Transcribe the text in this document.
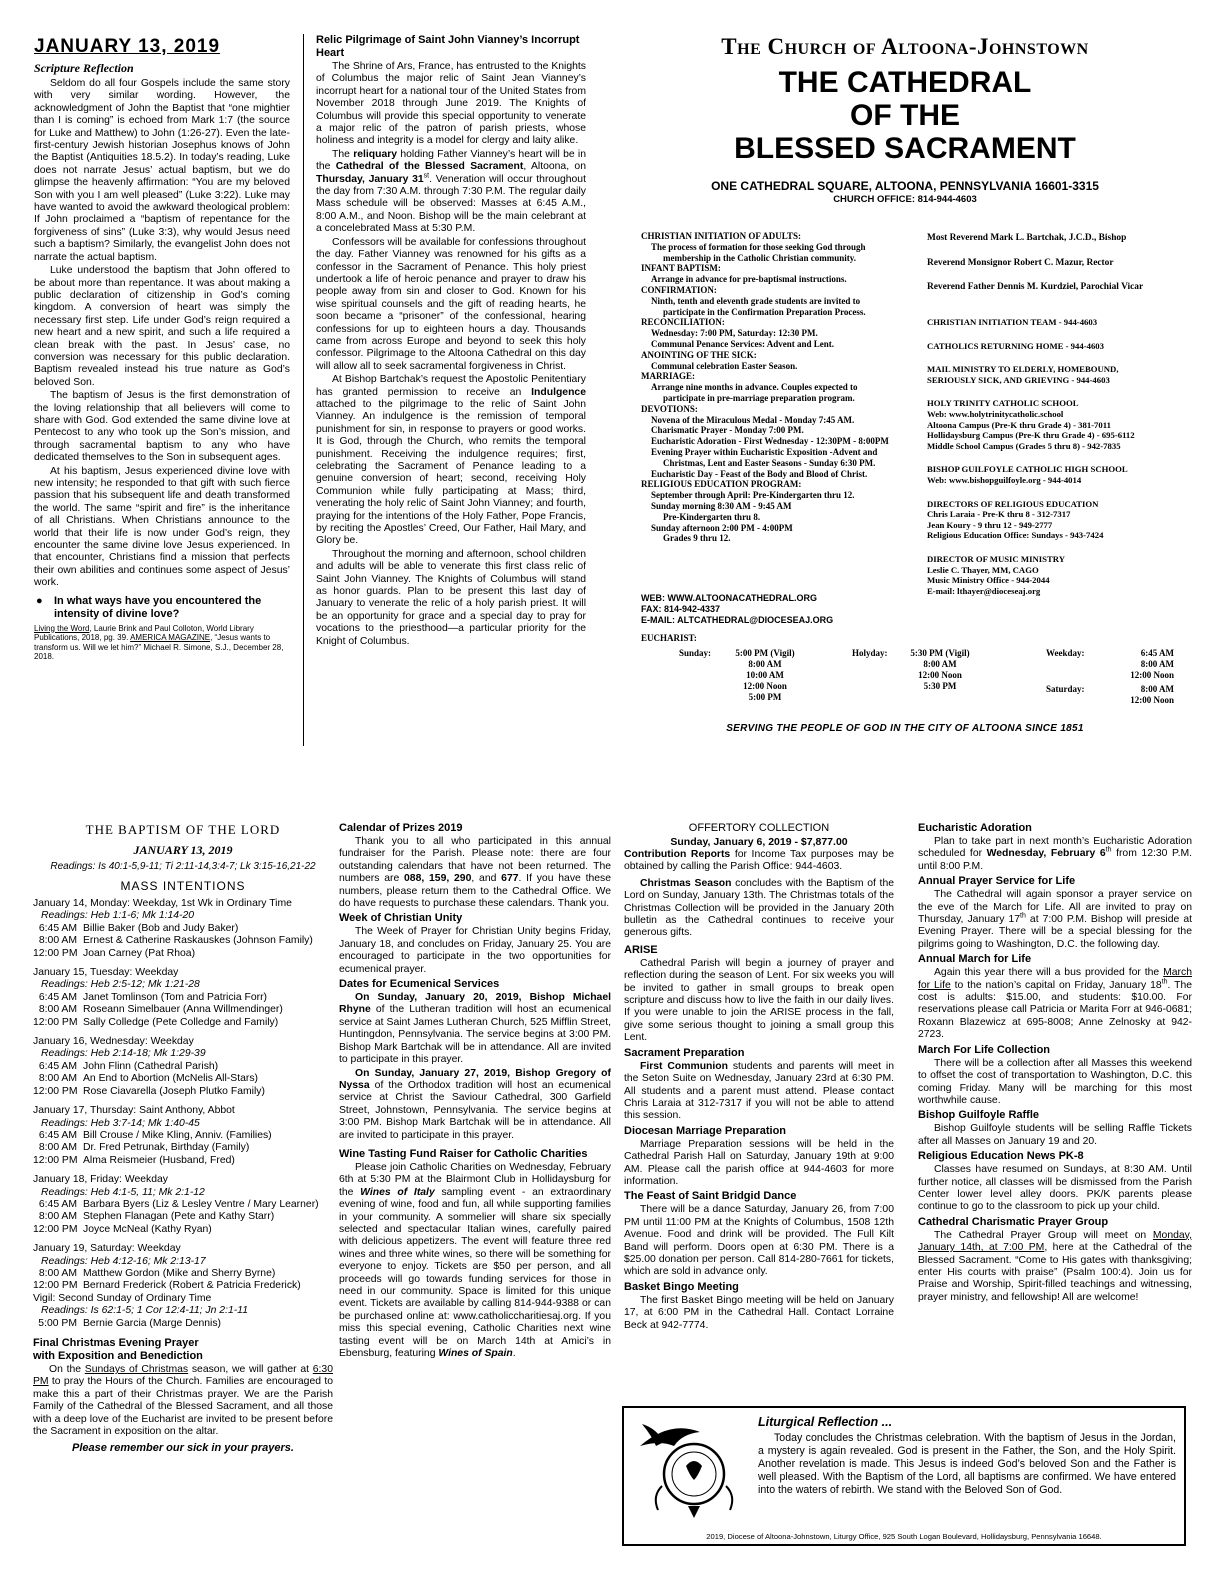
JANUARY 13, 2019
Scripture Reflection

Seldom do all four Gospels include the same story with very similar wording. However, the acknowledgment of John the Baptist that “one mightier than I is coming” is echoed from Mark 1:7 (the source for Luke and Matthew) to John (1:26-27). Even the late-first-century Jewish historian Josephus knows of John the Baptist (Antiquities 18.5.2). In today’s reading, Luke does not narrate Jesus’ actual baptism, but we do glimpse the heavenly affirmation: “You are my beloved Son with you I am well pleased” (Luke 3:22). Luke may have wanted to avoid the awkward theological problem: If John proclaimed a “baptism of repentance for the forgiveness of sins” (Luke 3:3), why would Jesus need such a baptism? Similarly, the evangelist John does not narrate the actual baptism.

Luke understood the baptism that John offered to be about more than repentance. It was about making a public declaration of citizenship in God’s coming kingdom. A conversion of heart was simply the necessary first step. Life under God’s reign required a new heart and a new spirit, and such a life required a clean break with the past. In Jesus’ case, no conversion was necessary for this public declaration. Baptism revealed instead his true nature as God’s beloved Son.

The baptism of Jesus is the first demonstration of the loving relationship that all believers will come to share with God. God extended the same divine love at Pentecost to any who took up the Son’s mission, and through sacramental baptism to any who have dedicated themselves to the Son in subsequent ages.

At his baptism, Jesus experienced divine love with new intensity; he responded to that gift with such fierce passion that his subsequent life and death transformed the world. The same “spirit and fire” is the inheritance of all Christians. When Christians announce to the world that their life is now under God’s reign, they encounter the same divine love Jesus experienced. In that encounter, Christians find a mission that perfects their own abilities and continues some aspect of Jesus’ work.

●	In what ways have you encountered the intensity of divine love?
Living the Word, Laurie Brink and Paul Colloton, World Library Publications, 2018, pg. 39. AMERICA MAGAZINE, “Jesus wants to transform us. Will we let him?” Michael R. Simone, S.J., December 28, 2018.
Relic Pilgrimage of Saint John Vianney’s Incorrupt Heart

The Shrine of Ars, France, has entrusted to the Knights of Columbus the major relic of Saint Jean Vianney’s incorrupt heart for a national tour of the United States from November 2018 through June 2019. The Knights of Columbus will provide this special opportunity to venerate a major relic of the patron of parish priests, whose holiness and integrity is a model for clergy and laity alike.

The reliquary holding Father Vianney’s heart will be in the Cathedral of the Blessed Sacrament, Altoona, on Thursday, January 31st. Veneration will occur throughout the day from 7:30 A.M. through 7:30 P.M. The regular daily Mass schedule will be observed: Masses at 6:45 A.M., 8:00 A.M., and Noon. Bishop will be the main celebrant at a concelebrated Mass at 5:30 P.M.

Confessors will be available for confessions throughout the day. Father Vianney was renowned for his gifts as a confessor in the Sacrament of Penance. This holy priest undertook a life of heroic penance and prayer to draw his people away from sin and closer to God. Known for his wise spiritual counsels and the gift of reading hearts, he soon became a “prisoner” of the confessional, hearing confessions for up to eighteen hours a day. Thousands came from across Europe and beyond to seek this holy confessor. Pilgrimage to the Altoona Cathedral on this day will allow all to seek sacramental forgiveness in Christ.

At Bishop Bartchak’s request the Apostolic Penitentiary has granted permission to receive an Indulgence attached to the pilgrimage to the relic of Saint John Vianney. An indulgence is the remission of temporal punishment for sin, in response to prayers or good works. It is God, through the Church, who remits the temporal punishment. Receiving the indulgence requires; first, celebrating the Sacrament of Penance leading to a genuine conversion of heart; second, receiving Holy Communion while fully participating at Mass; third, venerating the holy relic of Saint John Vianney; and fourth, praying for the intentions of the Holy Father, Pope Francis, by reciting the Apostles’ Creed, Our Father, Hail Mary, and Glory be.

Throughout the morning and afternoon, school children and adults will be able to venerate this first class relic of Saint John Vianney. The Knights of Columbus will stand as honor guards. Plan to be present this last day of January to venerate the relic of a holy parish priest. It will be an opportunity for grace and a special day to pray for vocations to the priesthood—a particular priority for the Knight of Columbus.

The Church of Altoona-Johnstown
THE CATHEDRAL
OF THE
BLESSED SACRAMENT
ONE CATHEDRAL SQUARE, ALTOONA, PENNSYLVANIA 16601-3315
CHURCH OFFICE: 814-944-4603
CHRISTIAN INITIATION OF ADULTS:
The process of formation for those seeking God through
membership in the Catholic Christian community.
INFANT BAPTISM:
Arrange in advance for pre-baptismal instructions.
CONFIRMATION:
Ninth, tenth and eleventh grade students are invited to
participate in the Confirmation Preparation Process.
RECONCILIATION:
Wednesday: 7:00 PM, Saturday: 12:30 PM.
Communal Penance Services: Advent and Lent.
ANOINTING OF THE SICK:
Communal celebration Easter Season.
MARRIAGE:
Arrange nine months in advance. Couples expected to
participate in pre-marriage preparation program.
DEVOTIONS:
Novena of the Miraculous Medal - Monday 7:45 AM.
Charismatic Prayer - Monday 7:00 PM.
Eucharistic Adoration - First Wednesday - 12:30PM - 8:00PM
Evening Prayer within Eucharistic Exposition -Advent and
Christmas, Lent and Easter Seasons - Sunday 6:30 PM.
Eucharistic Day - Feast of the Body and Blood of Christ.
RELIGIOUS EDUCATION PROGRAM:
September through April: Pre-Kindergarten thru 12.
Sunday morning 8:30 AM - 9:45 AM
Pre-Kindergarten thru 8.
Sunday afternoon 2:00 PM - 4:00PM
Grades 9 thru 12.
WEB: WWW.ALTOONACATHEDRAL.ORG
FAX: 814-942-4337
E-MAIL: ALTCATHEDRAL@DIOCESEAJ.ORG
Most Reverend Mark L. Bartchak, J.C.D., Bishop
Reverend Monsignor Robert C. Mazur, Rector
Reverend Father Dennis M. Kurdziel, Parochial Vicar
CHRISTIAN INITIATION TEAM - 944-4603
CATHOLICS RETURNING HOME - 944-4603
MAIL MINISTRY TO ELDERLY, HOMEBOUND,
SERIOUSLY SICK, AND GRIEVING - 944-4603
HOLY TRINITY CATHOLIC SCHOOL
Web: www.holytrinitycatholic.school
Altoona Campus (Pre-K thru Grade 4) - 381-7011
Hollidaysburg Campus (Pre-K thru Grade 4) - 695-6112
Middle School Campus (Grades 5 thru 8) - 942-7835
BISHOP GUILFOYLE CATHOLIC HIGH SCHOOL
Web: www.bishopguilfoyle.org - 944-4014
DIRECTORS OF RELIGIOUS EDUCATION
Chris Laraia - Pre-K thru 8 - 312-7317
Jean Koury - 9 thru 12 - 949-2777
Religious Education Office: Sundays - 943-7424
DIRECTOR OF MUSIC MINISTRY
Leslie C. Thayer, MM, CAGO
Music Ministry Office - 944-2044
E-mail: lthayer@dioceseaj.org
EUCHARIST:
Sunday:	5:00 PM (Vigil)
8:00 AM
10:00 AM
12:00 Noon
5:00 PM
Holyday:	5:30 PM (Vigil)
8:00 AM
12:00 Noon
5:30 PM
Weekday:	6:45 AM
8:00 AM
12:00 Noon
Saturday:	8:00 AM
12:00 Noon
SERVING THE PEOPLE OF GOD IN THE CITY OF ALTOONA SINCE 1851
THE BAPTISM OF THE LORD
JANUARY 13, 2019
Readings: Is 40:1-5,9-11; Ti 2:11-14,3:4-7; Lk 3:15-16,21-22
MASS INTENTIONS
January 14, Monday: Weekday, 1st Wk in Ordinary Time
Readings: Heb 1:1-6; Mk 1:14-20
6:45 AM Billie Baker (Bob and Judy Baker)
8:00 AM Ernest & Catherine Raskauskes (Johnson Family)
12:00 PM Joan Carney (Pat Rhoa)
January 15, Tuesday: Weekday
Readings: Heb 2:5-12; Mk 1:21-28
6:45 AM Janet Tomlinson (Tom and Patricia Forr)
8:00 AM Roseann Simelbauer (Anna Willmendinger)
12:00 PM Sally Colledge (Pete Colledge and Family)
January 16, Wednesday: Weekday
Readings: Heb 2:14-18; Mk 1:29-39
6:45 AM John Flinn (Cathedral Parish)
8:00 AM An End to Abortion (McNelis All-Stars)
12:00 PM Rose Ciavarella (Joseph Plutko Family)
January 17, Thursday: Saint Anthony, Abbot
Readings: Heb 3:7-14; Mk 1:40-45
6:45 AM Bill Crouse / Mike Kling, Anniv. (Families)
8:00 AM Dr. Fred Petrunak, Birthday (Family)
12:00 PM Alma Reismeier (Husband, Fred)
January 18, Friday: Weekday
Readings: Heb 4:1-5, 11; Mk 2:1-12
6:45 AM Barbara Byers (Liz & Lesley Ventre / Mary Learner)
8:00 AM Stephen Flanagan (Pete and Kathy Starr)
12:00 PM Joyce McNeal (Kathy Ryan)
January 19, Saturday: Weekday
Readings: Heb 4:12-16; Mk 2:13-17
8:00 AM Matthew Gordon (Mike and Sherry Byrne)
12:00 PM Bernard Frederick (Robert & Patricia Frederick)
Vigil: Second Sunday of Ordinary Time
Readings: Is 62:1-5; 1 Cor 12:4-11; Jn 2:1-11
5:00 PM Bernie Garcia (Marge Dennis)
Final Christmas Evening Prayer
with Exposition and Benediction

On the Sundays of Christmas season, we will gather at 6:30 PM to pray the Hours of the Church. Families are encouraged to make this a part of their Christmas prayer. We are the Parish Family of the Cathedral of the Blessed Sacrament, and all those with a deep love of the Eucharist are invited to be present before the Sacrament in exposition on the altar.

Please remember our sick in your prayers.
Calendar of Prizes 2019

Thank you to all who participated in this annual fundraiser for the Parish. Please note: there are four outstanding calendars that have not been returned. The numbers are 088, 159, 290, and 677. If you have these numbers, please return them to the Cathedral Office. We do have requests to purchase these calendars. Thank you.

Week of Christian Unity

The Week of Prayer for Christian Unity begins Friday, January 18, and concludes on Friday, January 25. You are encouraged to participate in the two opportunities for ecumenical prayer.

Dates for Ecumenical Services

On Sunday, January 20, 2019, Bishop Michael Rhyne of the Lutheran tradition will host an ecumenical service at Saint James Lutheran Church, 525 Mifflin Street, Huntingdon, Pennsylvania. The service begins at 3:00 PM. Bishop Mark Bartchak will be in attendance. All are invited to participate in this prayer.

On Sunday, January 27, 2019, Bishop Gregory of Nyssa of the Orthodox tradition will host an ecumenical service at Christ the Saviour Cathedral, 300 Garfield Street, Johnstown, Pennsylvania. The service begins at 3:00 PM. Bishop Mark Bartchak will be in attendance. All are invited to participate in this prayer.

Wine Tasting Fund Raiser for Catholic Charities

Please join Catholic Charities on Wednesday, February 6th at 5:30 PM at the Blairmont Club in Hollidaysburg for the Wines of Italy sampling event - an extraordinary evening of wine, food and fun, all while supporting families in your community. A sommelier will share six specially selected and spectacular Italian wines, carefully paired with delicious appetizers. The event will feature three red wines and three white wines, so there will be something for everyone to enjoy. Tickets are $50 per person, and all proceeds will go towards funding services for those in need in our community. Space is limited for this unique event. Tickets are available by calling 814-944-9388 or can be purchased online at: www.catholiccharitiesaj.org. If you miss this special evening, Catholic Charities next wine tasting event will be on March 14th at Amici’s in Ebensburg, featuring Wines of Spain.

OFFERTORY COLLECTION
Sunday, January 6, 2019 - $7,877.00

Contribution Reports for Income Tax purposes may be obtained by calling the Parish Office: 944-4603.

Christmas Season concludes with the Baptism of the Lord on Sunday, January 13th. The Christmas totals of the Christmas Collection will be provided in the January 20th bulletin as the Cathedral continues to receive your generous gifts.

ARISE

Cathedral Parish will begin a journey of prayer and reflection during the season of Lent. For six weeks you will be invited to gather in small groups to break open scripture and discuss how to live the faith in our daily lives. If you were unable to join the ARISE process in the fall, give some serious thought to joining a small group this Lent.

Sacrament Preparation

First Communion students and parents will meet in the Seton Suite on Wednesday, January 23rd at 6:30 PM. All students and a parent must attend. Please contact Chris Laraia at 312-7317 if you will not be able to attend this session.

Diocesan Marriage Preparation

Marriage Preparation sessions will be held in the Cathedral Parish Hall on Saturday, January 19th at 9:00 AM. Please call the parish office at 944-4603 for more information.

The Feast of Saint Bridgid Dance

There will be a dance Saturday, January 26, from 7:00 PM until 11:00 PM at the Knights of Columbus, 1508 12th Avenue. Food and drink will be provided. The Full Kilt Band will perform. Doors open at 6:30 PM. There is a $25.00 donation per person. Call 814-280-7661 for tickets, which are sold in advance only.

Basket Bingo Meeting

The first Basket Bingo meeting will be held on January 17, at 6:00 PM in the Cathedral Hall. Contact Lorraine Beck at 942-7774.

Eucharistic Adoration

Plan to take part in next month’s Eucharistic Adoration scheduled for Wednesday, February 6th from 12:30 P.M. until 8:00 P.M.

Annual Prayer Service for Life

The Cathedral will again sponsor a prayer service on the eve of the March for Life. All are invited to pray on Thursday, January 17th at 7:00 P.M. Bishop will preside at Evening Prayer. There will be a special blessing for the pilgrims going to Washington, D.C. the following day.

Annual March for Life

Again this year there will a bus provided for the March for Life to the nation’s capital on Friday, January 18th. The cost is adults: $15.00, and students: $10.00. For reservations please call Patricia or Marita Forr at 946-0681; Roxann Blazewicz at 695-8008; Anne Zelnosky at 942-2723.

March For Life Collection

There will be a collection after all Masses this weekend to offset the cost of transportation to Washington, D.C. this coming Friday. Many will be marching for this most worthwhile cause.

Bishop Guilfoyle Raffle

Bishop Guilfoyle students will be selling Raffle Tickets after all Masses on January 19 and 20.

Religious Education News PK-8

Classes have resumed on Sundays, at 8:30 AM. Until further notice, all classes will be dismissed from the Parish Center lower level alley doors. PK/K parents please continue to go to the classroom to pick up your child.

Cathedral Charismatic Prayer Group

The Cathedral Prayer Group will meet on Monday, January 14th, at 7:00 PM, here at the Cathedral of the Blessed Sacrament. “Come to His gates with thanksgiving; enter His courts with praise” (Psalm 100:4). Join us for Praise and Worship, Spirit-filled teachings and witnessing, prayer ministry, and fellowship! All are welcome!

Liturgical Reflection ...

Today concludes the Christmas celebration. With the baptism of Jesus in the Jordan, a mystery is again revealed. God is present in the Father, the Son, and the Holy Spirit. Another revelation is made. This Jesus is indeed God’s beloved Son and the Father is well pleased. With the Baptism of the Lord, all baptisms are confirmed. We have entered into the waters of rebirth. We stand with the Beloved Son of God.

2019, Diocese of Altoona-Johnstown, Liturgy Office, 925 South Logan Boulevard, Hollidaysburg, Pennsylvania 16648.
